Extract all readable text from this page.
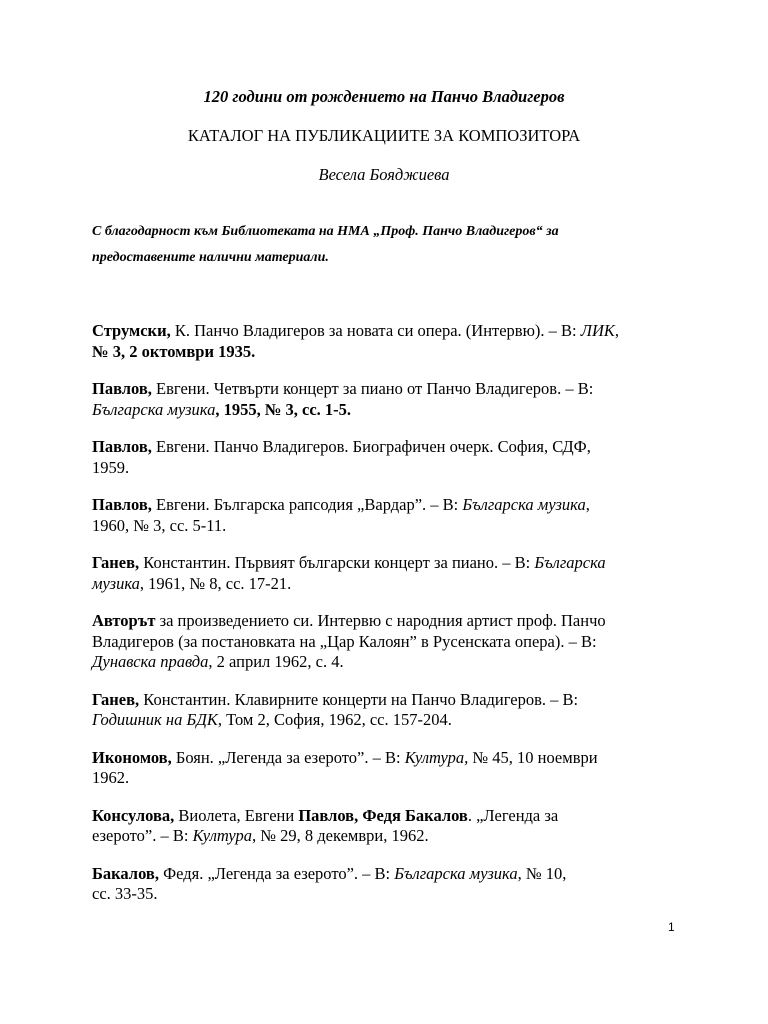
120 години от рождението на Панчо Владигеров
КАТАЛОГ НА ПУБЛИКАЦИИТЕ ЗА КОМПОЗИТОРА
Весела Бояджиева
С благодарност към Библиотеката на НМА „Проф. Панчо Владигеров“ за
предоставените налични материали.
Струмски, К. Панчо Владигеров за новата си опера. (Интервю). – В: ЛИК,
№ 3, 2 октомври 1935.
Павлов, Евгени. Четвърти концерт за пиано от Панчо Владигеров. – В:
Българска музика, 1955, № 3, сс. 1-5.
Павлов, Евгени. Панчо Владигеров. Биографичен очерк. София, СДФ,
1959.
Павлов, Евгени. Българска рапсодия „Вардар”. – В: Българска музика,
1960, № 3, сс. 5-11.
Ганев, Константин. Първият български концерт за пиано. – В: Българска
музика, 1961, № 8, сс. 17-21.
Авторът за произведението си. Интервю с народния артист проф. Панчо
Владигеров (за постановката на „Цар Калоян” в Русенската опера). – В:
Дунавска правда, 2 април 1962, с. 4.
Ганев, Константин. Клавирните концерти на Панчо Владигеров. – В:
Годишник на БДК, Том 2, София, 1962, сс. 157-204.
Икономов, Боян. „Легенда за езерото”. – В: Култура, № 45, 10 ноември
1962.
Консулова, Виолета, Евгени Павлов, Федя Бакалов. „Легенда за
езерото”. – В: Култура, № 29, 8 декември, 1962.
Бакалов, Федя. „Легенда за езерото”. – В: Българска музика, № 10,
сс. 33-35.
1
